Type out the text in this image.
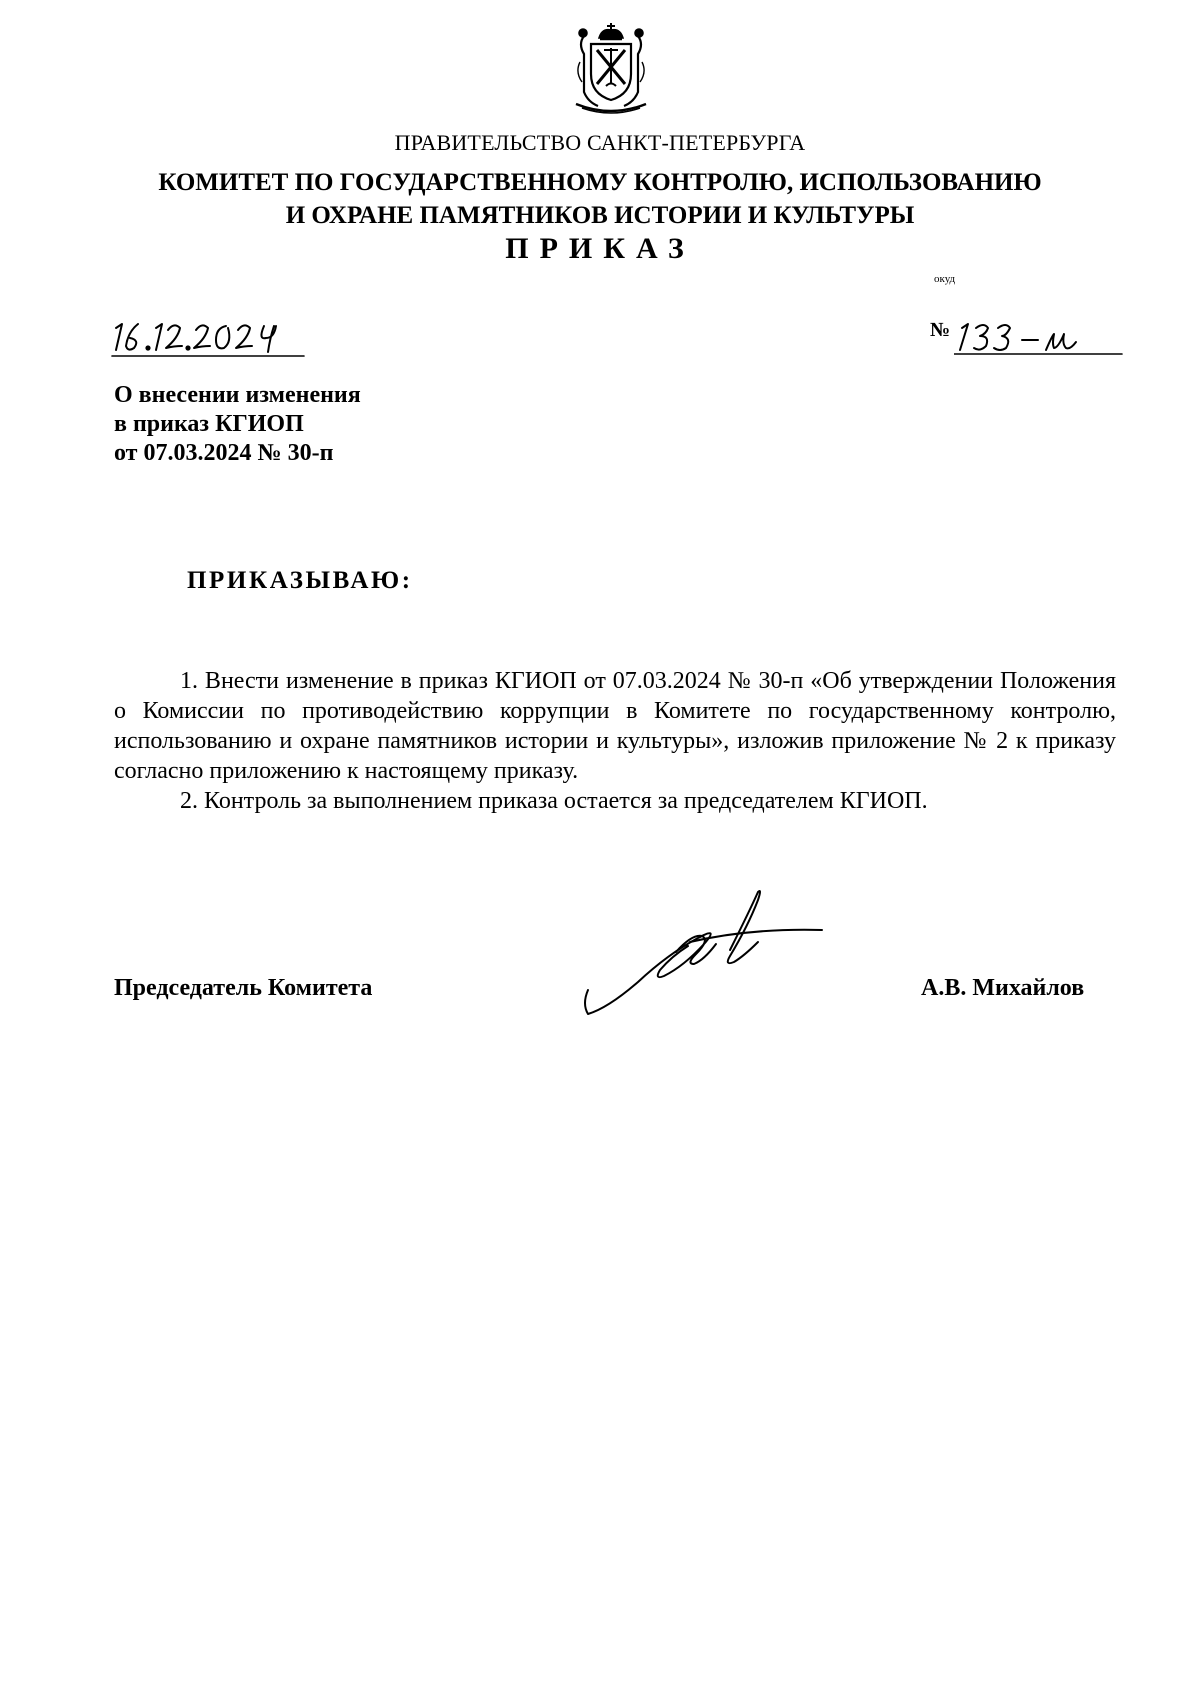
ПРАВИТЕЛЬСТВО САНКТ-ПЕТЕРБУРГА
КОМИТЕТ ПО ГОСУДАРСТВЕННОМУ КОНТРОЛЮ, ИСПОЛЬЗОВАНИЮ
И ОХРАНЕ ПАМЯТНИКОВ ИСТОРИИ И КУЛЬТУРЫ
ПРИКАЗ
окуд
№
О внесении изменения
в приказ КГИОП
от 07.03.2024 № 30-п
ПРИКАЗЫВАЮ:

1. Внести изменение в приказ КГИОП от 07.03.2024 № 30-п «Об утверждении Положения о Комиссии по противодействию коррупции в Комитете по государственному контролю, использованию и охране памятников истории и культуры», изложив приложение № 2 к приказу согласно приложению к настоящему приказу.

2. Контроль за выполнением приказа остается за председателем КГИОП.

Председатель Комитета	А.В. Михайлов
